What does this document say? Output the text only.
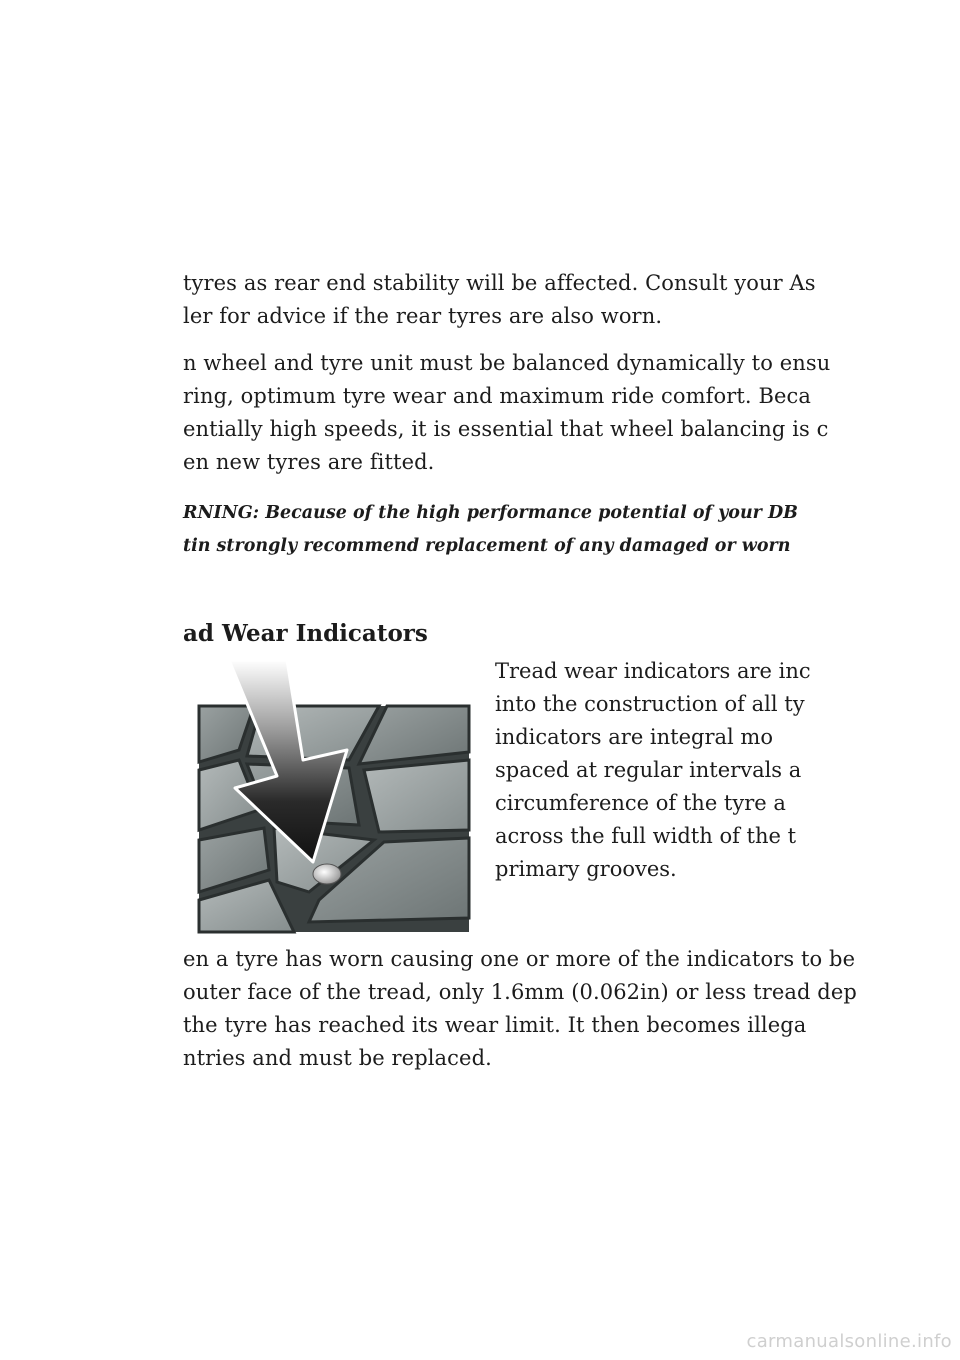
tyres as rear end stability will be affected. Consult your As
ler for advice if the rear tyres are also worn.
n wheel and tyre unit must be balanced dynamically to ensu
ring, optimum tyre wear and maximum ride comfort. Beca
entially high speeds, it is essential that wheel balancing is c
en new tyres are fitted.
RNING: Because of the high performance potential of your DB
tin strongly recommend replacement of any damaged or worn
ad Wear Indicators
Tread wear indicators are inc
into the construction of all ty
indicators are integral mo
spaced at regular intervals a
circumference of the tyre a
across the full width of the t
primary grooves.
en a tyre has worn causing one or more of the indicators to be
outer face of the tread, only 1.6mm (0.062in) or less tread dep
the tyre has reached its wear limit. It then becomes illega
ntries and must be replaced.
carmanualsonline.info
